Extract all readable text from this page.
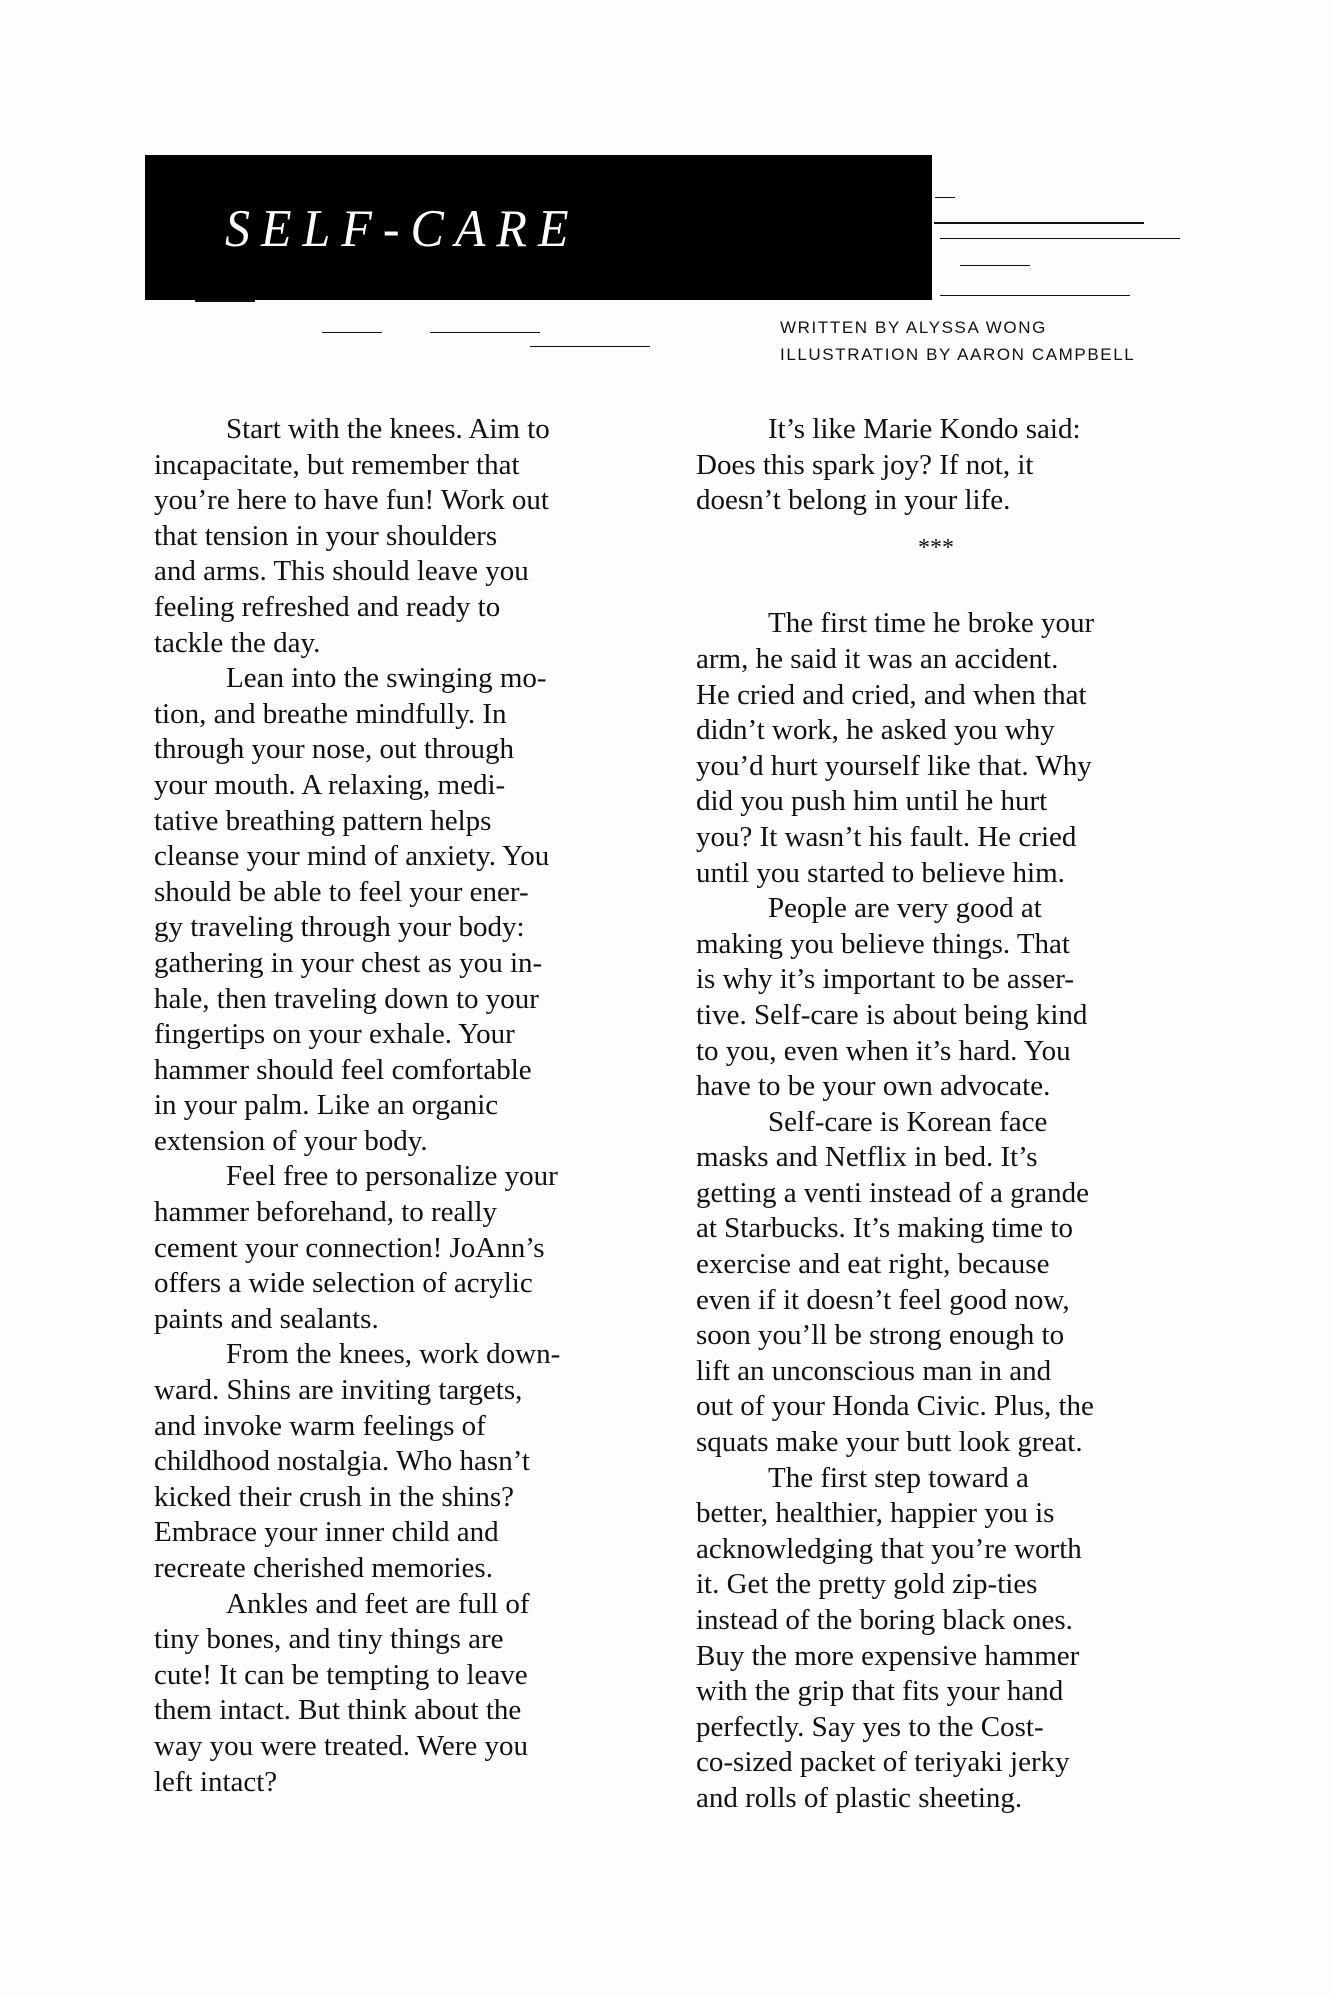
SELF-CARE
WRITTEN BY ALYSSA WONG
ILLUSTRATION BY AARON CAMPBELL
Start with the knees. Aim to
incapacitate, but remember that
you’re here to have fun! Work out
that tension in your shoulders
and arms. This should leave you
feeling refreshed and ready to
tackle the day.
Lean into the swinging mo-
tion, and breathe mindfully. In
through your nose, out through
your mouth. A relaxing, medi-
tative breathing pattern helps
cleanse your mind of anxiety. You
should be able to feel your ener-
gy traveling through your body:
gathering in your chest as you in-
hale, then traveling down to your
fingertips on your exhale. Your
hammer should feel comfortable
in your palm. Like an organic
extension of your body.
Feel free to personalize your
hammer beforehand, to really
cement your connection! JoAnn’s
offers a wide selection of acrylic
paints and sealants.
From the knees, work down-
ward. Shins are inviting targets,
and invoke warm feelings of
childhood nostalgia. Who hasn’t
kicked their crush in the shins?
Embrace your inner child and
recreate cherished memories.
Ankles and feet are full of
tiny bones, and tiny things are
cute! It can be tempting to leave
them intact. But think about the
way you were treated. Were you
left intact?
It’s like Marie Kondo said:
Does this spark joy? If not, it
doesn’t belong in your life.
***
The first time he broke your
arm, he said it was an accident.
He cried and cried, and when that
didn’t work, he asked you why
you’d hurt yourself like that. Why
did you push him until he hurt
you? It wasn’t his fault. He cried
until you started to believe him.
People are very good at
making you believe things. That
is why it’s important to be asser-
tive. Self-care is about being kind
to you, even when it’s hard. You
have to be your own advocate.
Self-care is Korean face
masks and Netflix in bed. It’s
getting a venti instead of a grande
at Starbucks. It’s making time to
exercise and eat right, because
even if it doesn’t feel good now,
soon you’ll be strong enough to
lift an unconscious man in and
out of your Honda Civic. Plus, the
squats make your butt look great.
The first step toward a
better, healthier, happier you is
acknowledging that you’re worth
it. Get the pretty gold zip-ties
instead of the boring black ones.
Buy the more expensive hammer
with the grip that fits your hand
perfectly. Say yes to the Cost-
co-sized packet of teriyaki jerky
and rolls of plastic sheeting.
